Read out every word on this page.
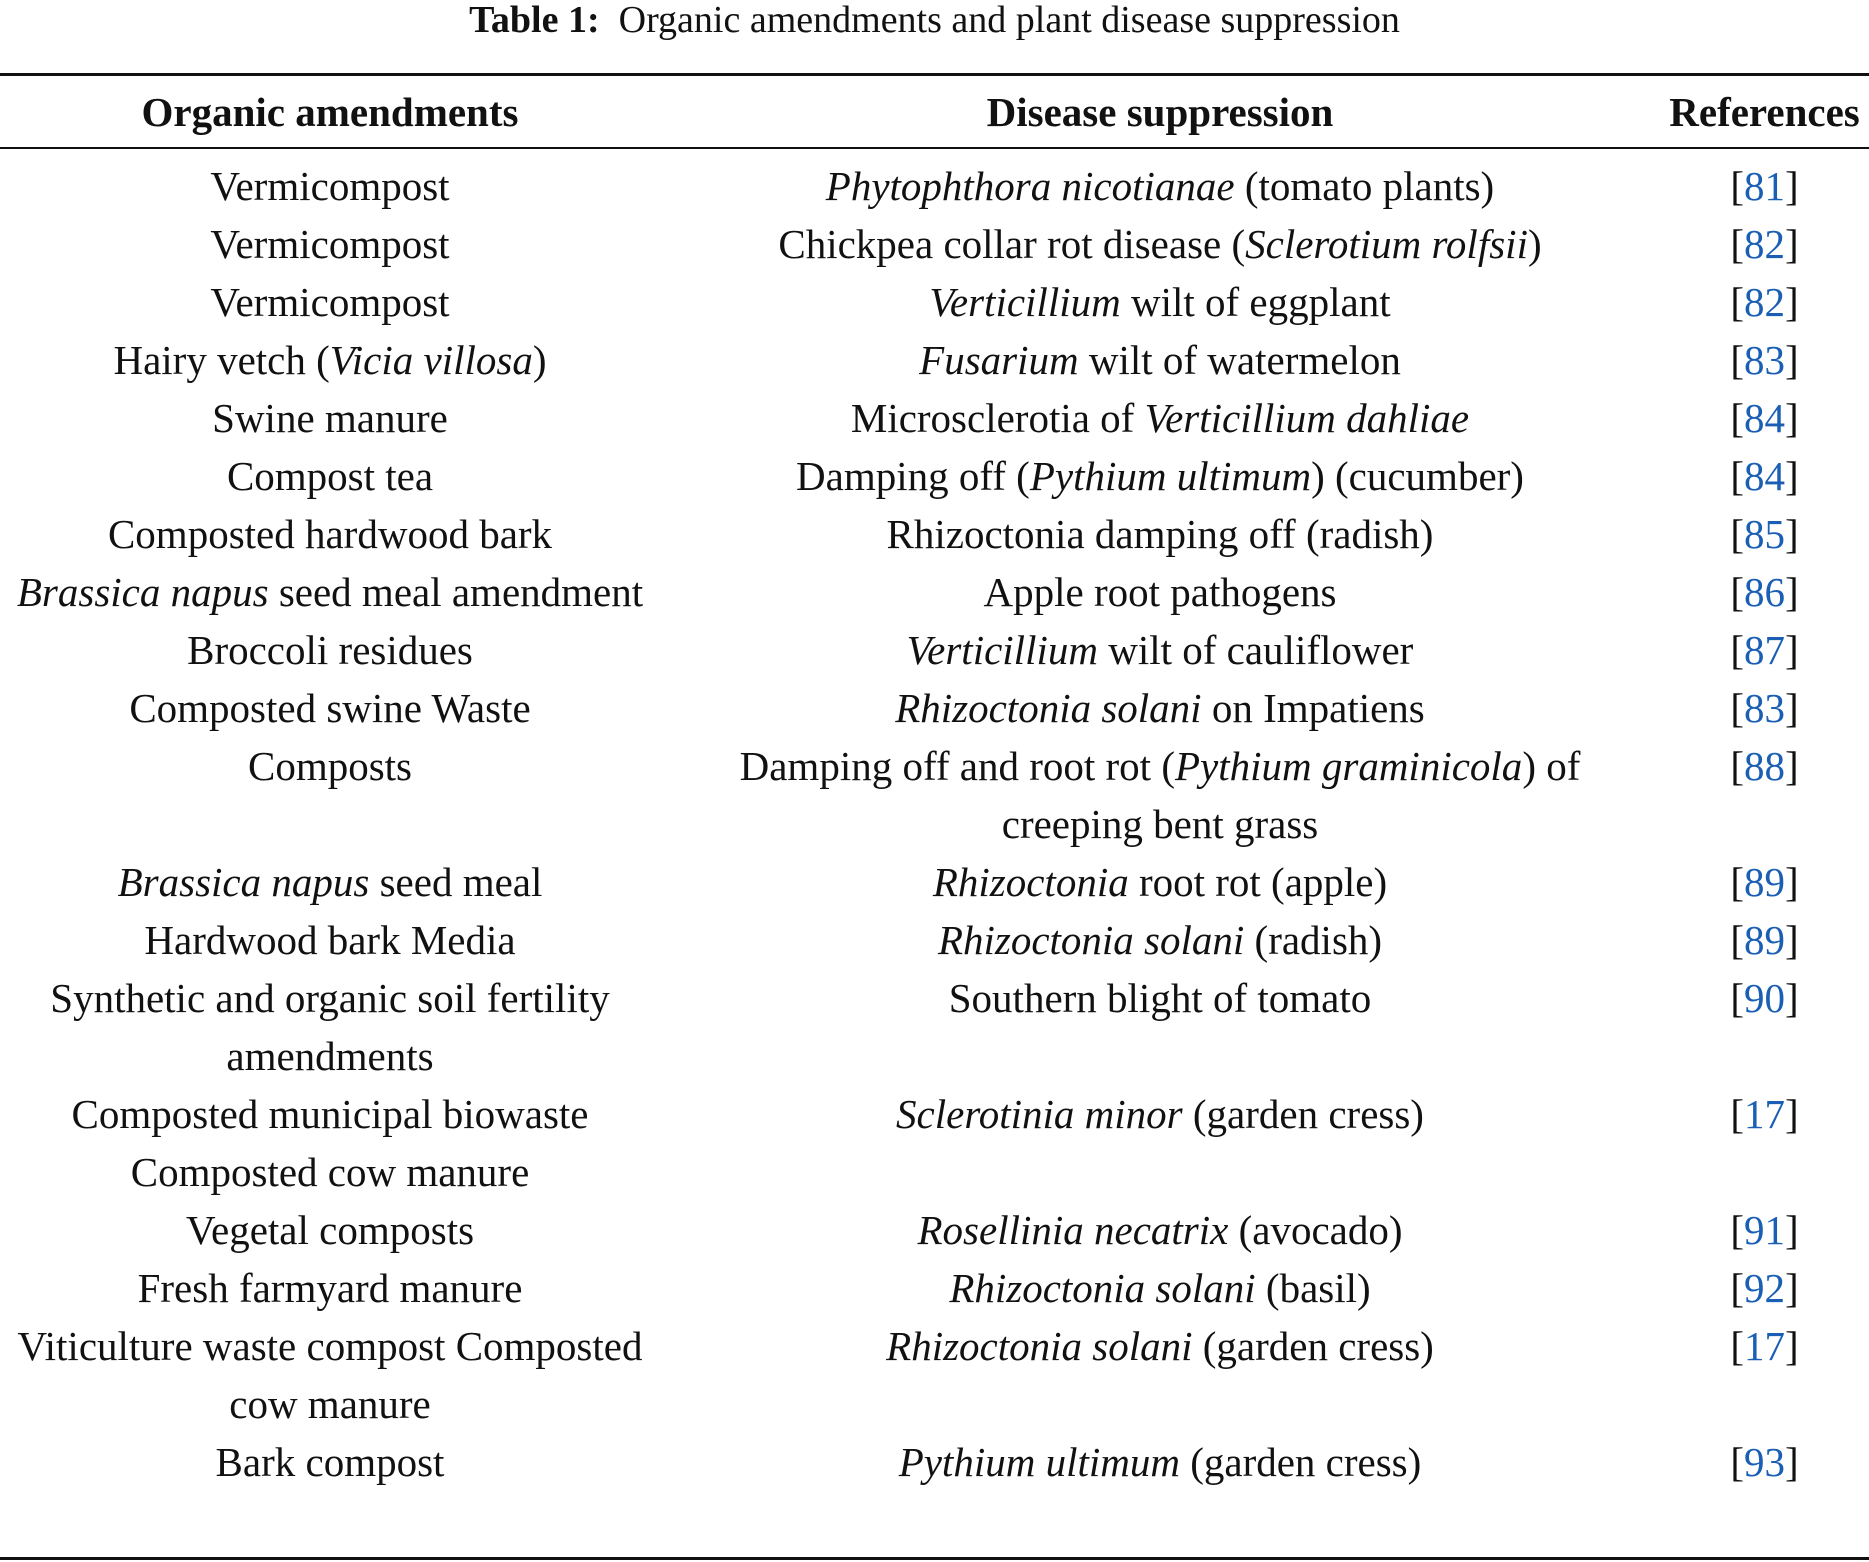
Table 1: Organic amendments and plant disease suppression
Organic amendments	Disease suppression	References
Vermicompost	Phytophthora nicotianae (tomato plants)	[81]
Vermicompost	Chickpea collar rot disease (Sclerotium rolfsii)	[82]
Vermicompost	Verticillium wilt of eggplant	[82]
Hairy vetch (Vicia villosa)	Fusarium wilt of watermelon	[83]
Swine manure	Microsclerotia of Verticillium dahliae	[84]
Compost tea	Damping off (Pythium ultimum) (cucumber)	[84]
Composted hardwood bark	Rhizoctonia damping off (radish)	[85]
Brassica napus seed meal amendment	Apple root pathogens	[86]
Broccoli residues	Verticillium wilt of cauliflower	[87]
Composted swine Waste	Rhizoctonia solani on Impatiens	[83]
Composts	Damping off and root rot (Pythium graminicola) of creeping bent grass	[88]
Brassica napus seed meal	Rhizoctonia root rot (apple)	[89]
Hardwood bark Media	Rhizoctonia solani (radish)	[89]
Synthetic and organic soil fertility amendments	Southern blight of tomato	[90]
Composted municipal biowaste Composted cow manure	Sclerotinia minor (garden cress)	[17]
Vegetal composts	Rosellinia necatrix (avocado)	[91]
Fresh farmyard manure	Rhizoctonia solani (basil)	[92]
Viticulture waste compost Composted cow manure	Rhizoctonia solani (garden cress)	[17]
Bark compost	Pythium ultimum (garden cress)	[93]
